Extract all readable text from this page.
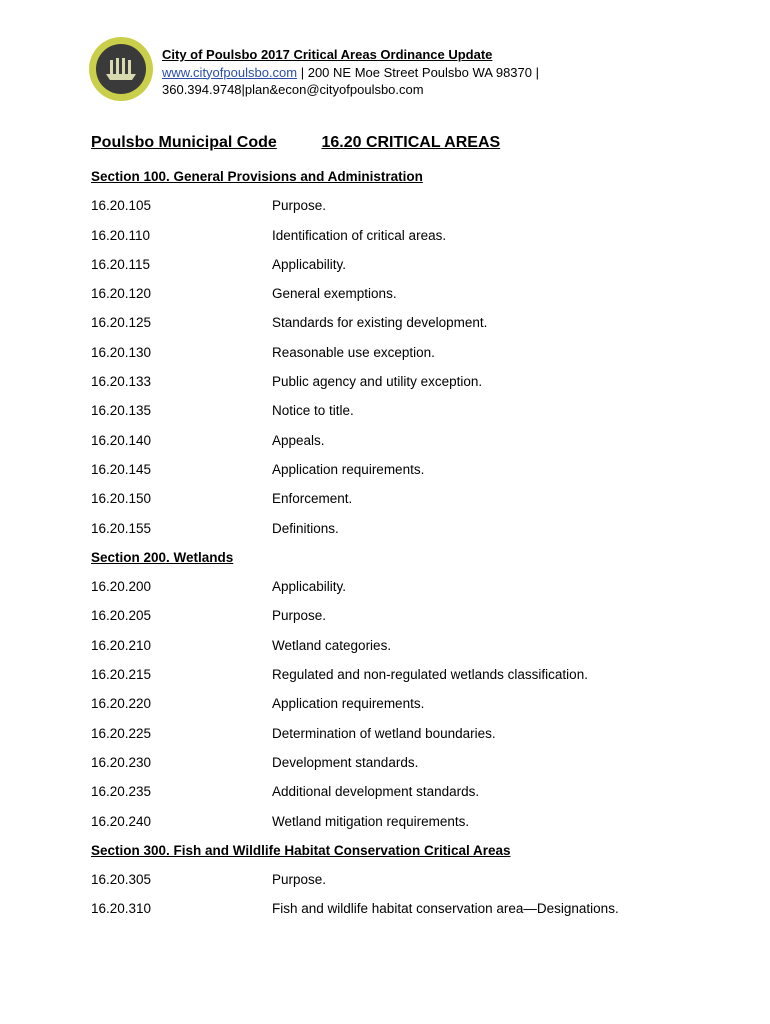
City of Poulsbo 2017 Critical Areas Ordinance Update
www.cityofpoulsbo.com | 200 NE Moe Street Poulsbo WA 98370 |
360.394.9748|plan&econ@cityofpoulsbo.com
Poulsbo Municipal Code	16.20 CRITICAL AREAS
Section 100. General Provisions and Administration
16.20.105	Purpose.
16.20.110	Identification of critical areas.
16.20.115	Applicability.
16.20.120	General exemptions.
16.20.125	Standards for existing development.
16.20.130	Reasonable use exception.
16.20.133	Public agency and utility exception.
16.20.135	Notice to title.
16.20.140	Appeals.
16.20.145	Application requirements.
16.20.150	Enforcement.
16.20.155	Definitions.
Section 200. Wetlands
16.20.200	Applicability.
16.20.205	Purpose.
16.20.210	Wetland categories.
16.20.215	Regulated and non-regulated wetlands classification.
16.20.220	Application requirements.
16.20.225	Determination of wetland boundaries.
16.20.230	Development standards.
16.20.235	Additional development standards.
16.20.240	Wetland mitigation requirements.
Section 300. Fish and Wildlife Habitat Conservation Critical Areas
16.20.305	Purpose.
16.20.310	Fish and wildlife habitat conservation area—Designations.
